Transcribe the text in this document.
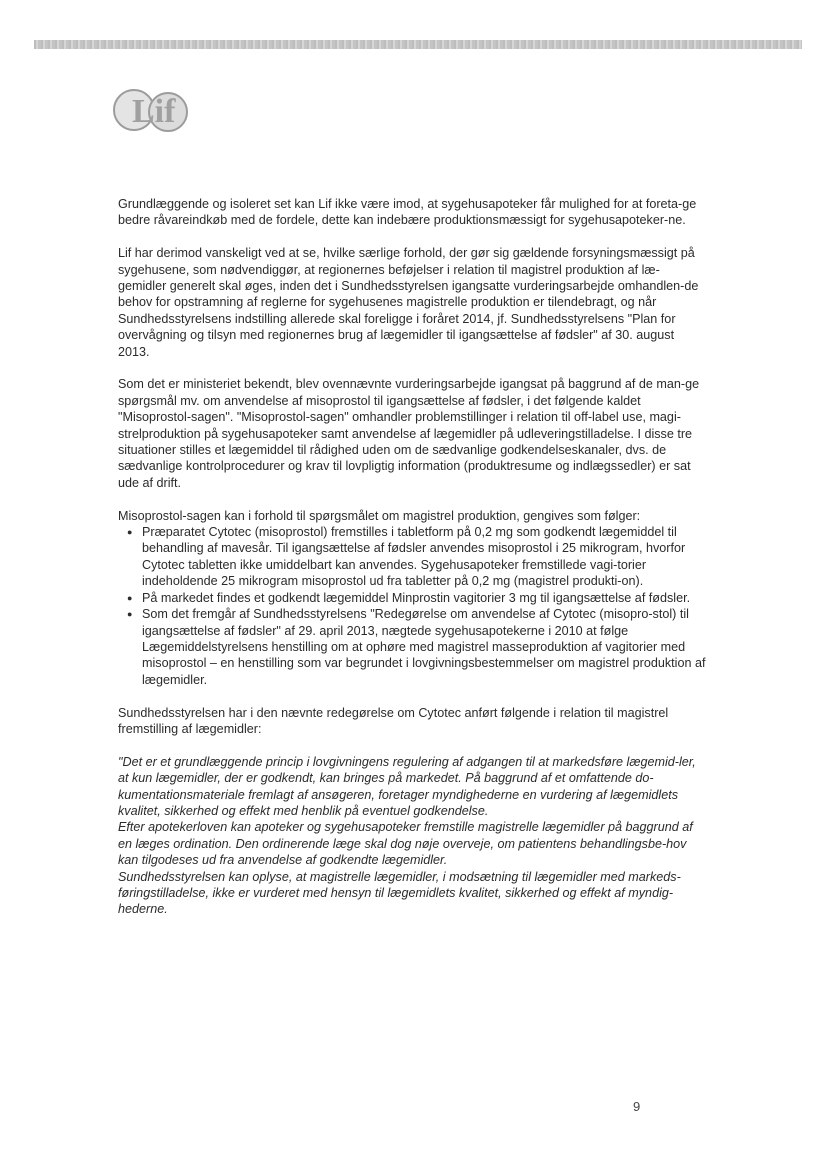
Lif

Grundlæggende og isoleret set kan Lif ikke være imod, at sygehusapoteker får mulighed for at foreta-ge bedre råvareindkøb med de fordele, dette kan indebære produktionsmæssigt for sygehusapoteker-ne.

Lif har derimod vanskeligt ved at se, hvilke særlige forhold, der gør sig gældende forsyningsmæssigt på sygehusene, som nødvendiggør, at regionernes beføjelser i relation til magistrel produktion af læ-gemidler generelt skal øges, inden det i Sundhedsstyrelsen igangsatte vurderingsarbejde omhandlen-de behov for opstramning af reglerne for sygehusenes magistrelle produktion er tilendebragt, og når Sundhedsstyrelsens indstilling allerede skal foreligge i foråret 2014, jf. Sundhedsstyrelsens "Plan for overvågning og tilsyn med regionernes brug af lægemidler til igangsættelse af fødsler" af 30. august 2013.

Som det er ministeriet bekendt, blev ovennævnte vurderingsarbejde igangsat på baggrund af de man-ge spørgsmål mv. om anvendelse af misoprostol til igangsættelse af fødsler, i det følgende kaldet "Misoprostol-sagen". "Misoprostol-sagen" omhandler problemstillinger i relation til off-label use, magi-strelproduktion på sygehusapoteker samt anvendelse af lægemidler på udleveringstilladelse. I disse tre situationer stilles et lægemiddel til rådighed uden om de sædvanlige godkendelseskanaler, dvs. de sædvanlige kontrolprocedurer og krav til lovpligtig information (produktresume og indlægssedler) er sat ude af drift.

Misoprostol-sagen kan i forhold til spørgsmålet om magistrel produktion, gengives som følger:

● Præparatet Cytotec (misoprostol) fremstilles i tabletform på 0,2 mg som godkendt lægemiddel til behandling af mavesår. Til igangsættelse af fødsler anvendes misoprostol i 25 mikrogram, hvorfor Cytotec tabletten ikke umiddelbart kan anvendes. Sygehusapoteker fremstillede vagi-torier indeholdende 25 mikrogram misoprostol ud fra tabletter på 0,2 mg (magistrel produkti-on).
● På markedet findes et godkendt lægemiddel Minprostin vagitorier 3 mg til igangsættelse af fødsler.
● Som det fremgår af Sundhedsstyrelsens "Redegørelse om anvendelse af Cytotec (misopro-stol) til igangsættelse af fødsler" af 29. april 2013, nægtede sygehusapotekerne i 2010 at følge Lægemiddelstyrelsens henstilling om at ophøre med magistrel masseproduktion af vagitorier med misoprostol – en henstilling som var begrundet i lovgivningsbestemmelser om magistrel produktion af lægemidler.

Sundhedsstyrelsen har i den nævnte redegørelse om Cytotec anført følgende i relation til magistrel fremstilling af lægemidler:

"Det er et grundlæggende princip i lovgivningens regulering af adgangen til at markedsføre lægemid-ler, at kun lægemidler, der er godkendt, kan bringes på markedet. På baggrund af et omfattende do-kumentationsmateriale fremlagt af ansøgeren, foretager myndighederne en vurdering af lægemidlets kvalitet, sikkerhed og effekt med henblik på eventuel godkendelse.

Efter apotekerloven kan apoteker og sygehusapoteker fremstille magistrelle lægemidler på baggrund af en læges ordination. Den ordinerende læge skal dog nøje overveje, om patientens behandlingsbe-hov kan tilgodeses ud fra anvendelse af godkendte lægemidler.

Sundhedsstyrelsen kan oplyse, at magistrelle lægemidler, i modsætning til lægemidler med markeds-føringstilladelse, ikke er vurderet med hensyn til lægemidlets kvalitet, sikkerhed og effekt af myndig-hederne.

9
